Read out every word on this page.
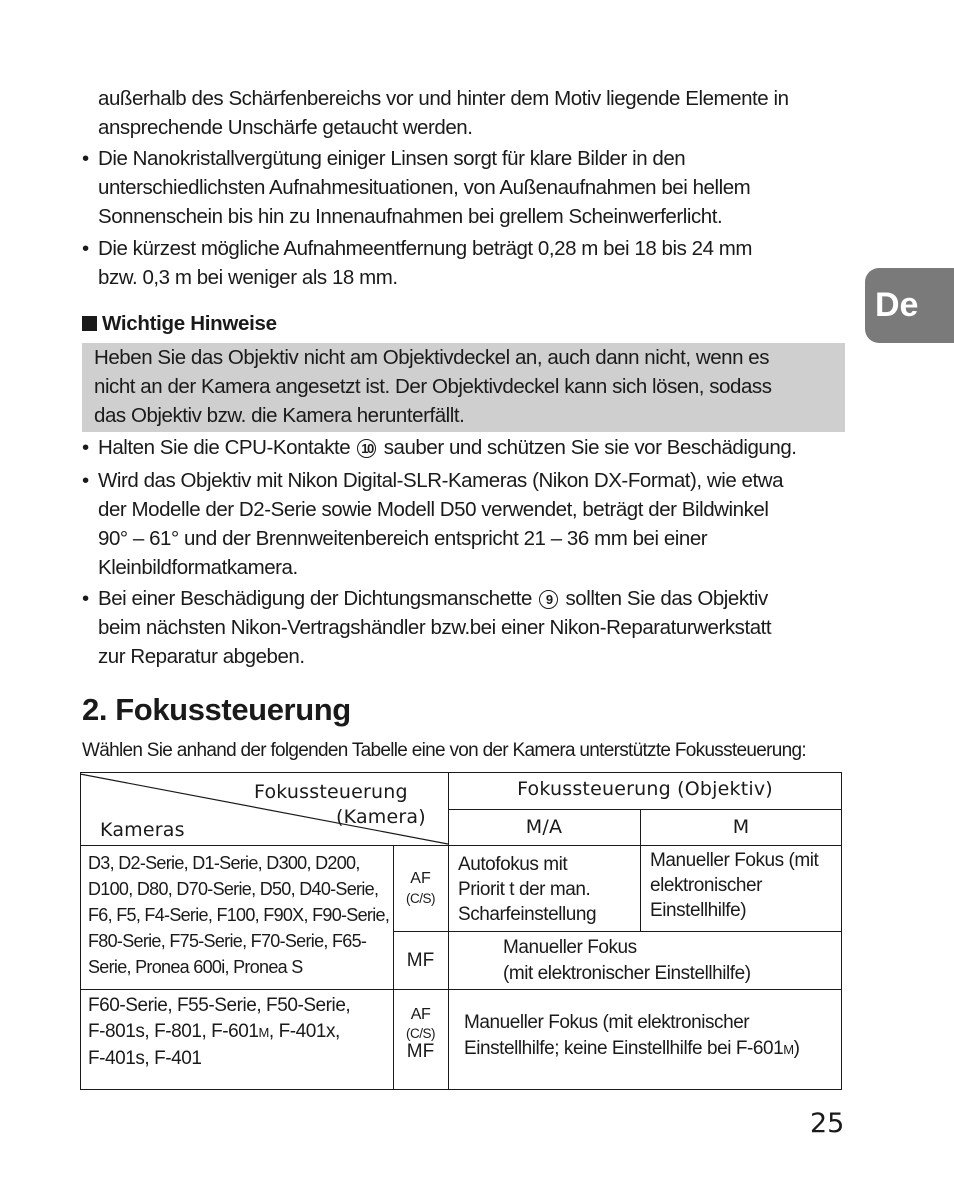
De
außerhalb des Schärfenbereichs vor und hinter dem Motiv liegende Elemente in
ansprechende Unschärfe getaucht werden.
• Die Nanokristallvergütung einiger Linsen sorgt für klare Bilder in den
unterschiedlichsten Aufnahmesituationen, von Außenaufnahmen bei hellem
Sonnenschein bis hin zu Innenaufnahmen bei grellem Scheinwerferlicht.
• Die kürzest mögliche Aufnahmeentfernung beträgt 0,28 m bei 18 bis 24 mm
bzw. 0,3 m bei weniger als 18 mm.
Wichtige Hinweise
Heben Sie das Objektiv nicht am Objektivdeckel an, auch dann nicht, wenn es
nicht an der Kamera angesetzt ist. Der Objektivdeckel kann sich lösen, sodass
das Objektiv bzw. die Kamera herunterfällt.
• Halten Sie die CPU-Kontakte 10 sauber und schützen Sie sie vor Beschädigung.
• Wird das Objektiv mit Nikon Digital-SLR-Kameras (Nikon DX-Format), wie etwa
der Modelle der D2-Serie sowie Modell D50 verwendet, beträgt der Bildwinkel
90° – 61° und der Brennweitenbereich entspricht 21 – 36 mm bei einer
Kleinbildformatkamera.
• Bei einer Beschädigung der Dichtungsmanschette 9 sollten Sie das Objektiv
beim nächsten Nikon-Vertragshändler bzw.bei einer Nikon-Reparaturwerkstatt
zur Reparatur abgeben.
2. Fokussteuerung
Wählen Sie anhand der folgenden Tabelle eine von der Kamera unterstützte Fokussteuerung:
Fokussteuerung
(Kamera)
Kameras
Fokussteuerung (Objektiv)
M/A	M
D3, D2-Serie, D1-Serie, D300, D200,
D100, D80, D70-Serie, D50, D40-Serie,
F6, F5, F4-Serie, F100, F90X, F90-Serie,
F80-Serie, F75-Serie, F70-Serie, F65-
Serie, Pronea 600i, Pronea S
AF
(C/S)
Autofokus mit
Priorit t der man.
Scharfeinstellung
Manueller Fokus (mit
elektronischer
Einstellhilfe)
MF
Manueller Fokus
(mit elektronischer Einstellhilfe)
F60-Serie, F55-Serie, F50-Serie,
F-801s, F-801, F-601M, F-401x,
F-401s, F-401
AF
(C/S)
MF
Manueller Fokus (mit elektronischer
Einstellhilfe; keine Einstellhilfe bei F-601M)
25
